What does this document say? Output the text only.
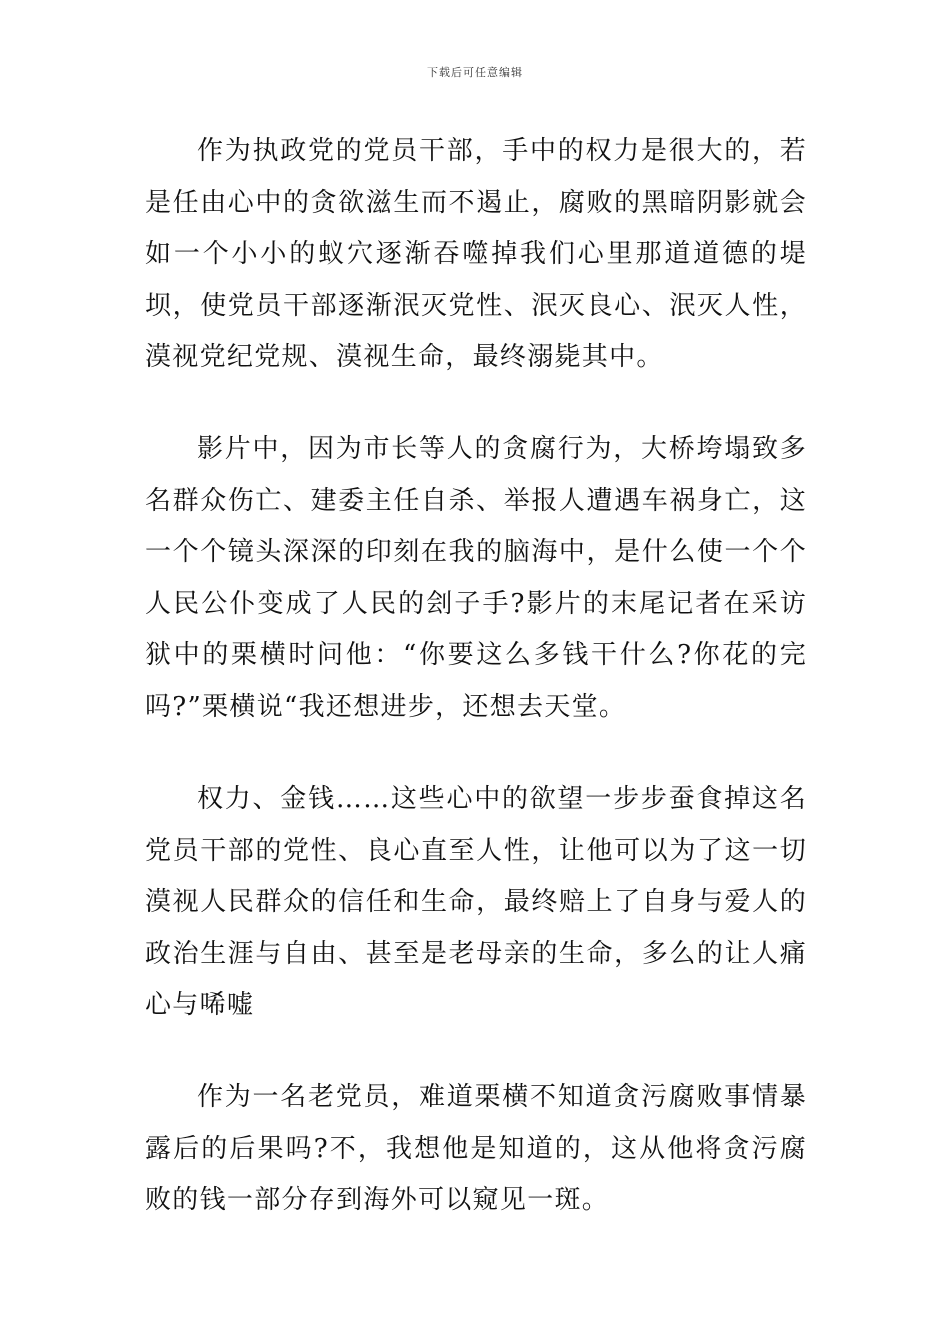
下载后可任意编辑

作为执政党的党员干部，手中的权力是很大的，若是任由心中的贪欲滋生而不遏止，腐败的黑暗阴影就会如一个小小的蚁穴逐渐吞噬掉我们心里那道道德的堤坝，使党员干部逐渐泯灭党性、泯灭良心、泯灭人性，漠视党纪党规、漠视生命，最终溺毙其中。

影片中，因为市长等人的贪腐行为，大桥垮塌致多名群众伤亡、建委主任自杀、举报人遭遇车祸身亡，这一个个镜头深深的印刻在我的脑海中，是什么使一个个人民公仆变成了人民的刽子手?影片的末尾记者在采访狱中的栗横时问他：“你要这么多钱干什么?你花的完吗?”栗横说“我还想进步，还想去天堂。

权力、金钱……这些心中的欲望一步步蚕食掉这名党员干部的党性、良心直至人性，让他可以为了这一切漠视人民群众的信任和生命，最终赔上了自身与爱人的政治生涯与自由、甚至是老母亲的生命，多么的让人痛心与唏嘘

作为一名老党员，难道栗横不知道贪污腐败事情暴露后的后果吗?不，我想他是知道的，这从他将贪污腐败的钱一部分存到海外可以窥见一斑。
